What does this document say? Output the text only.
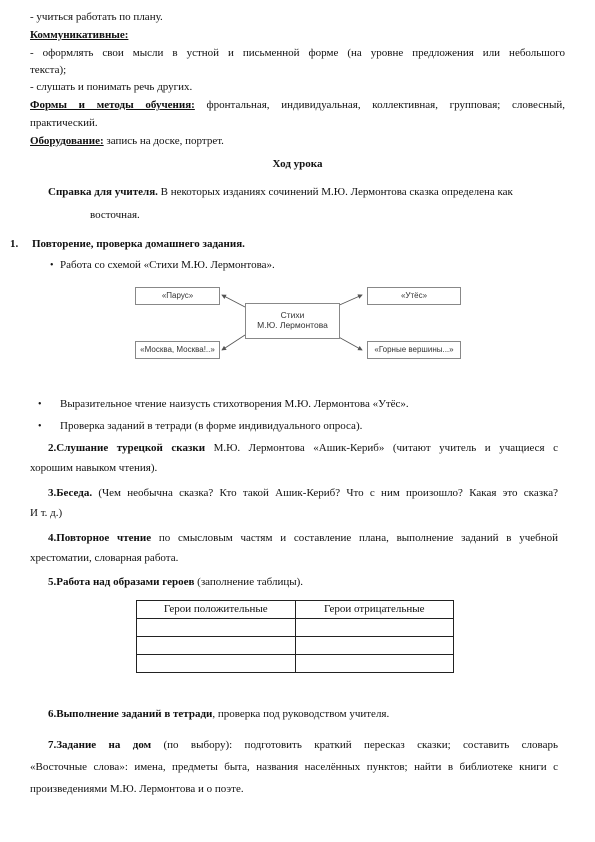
- учиться работать по плану.
Коммуникативные:
- оформлять свои мысли в устной и письменной форме (на уровне предложения или небольшого
текста);
- слушать и понимать речь других.
Формы и методы обучения: фронтальная, индивидуальная, коллективная, групповая; словесный,
практический.
Оборудование: запись на доске, портрет.
Ход урока
Справка для учителя. В некоторых изданиях сочинений М.Ю. Лермонтова сказка определена как
восточная.
1. Повторение, проверка домашнего задания.
• Работа со схемой «Стихи М.Ю. Лермонтова».
«Парус»	«Утёс»
Стихи
М.Ю. Лермонтова
«Москва, Москва!..»	«Горные вершины...»
• Выразительное чтение наизусть стихотворения М.Ю. Лермонтова «Утёс».
• Проверка заданий в тетради (в форме индивидуального опроса).
2.Слушание турецкой сказки М.Ю. Лермонтова «Ашик-Кериб» (читают учитель и учащиеся с
хорошим навыком чтения).
3.Беседа. (Чем необычна сказка? Кто такой Ашик-Кериб? Что с ним произошло? Какая это сказка?
И т. д.)
4.Повторное чтение по смысловым частям и составление плана, выполнение заданий в учебной
хрестоматии, словарная работа.
5.Работа над образами героев (заполнение таблицы).
Герои положительные	Герои отрицательные

6.Выполнение заданий в тетради, проверка под руководством учителя.
7.Задание на дом (по выбору): подготовить краткий пересказ сказки; составить словарь
«Восточные слова»: имена, предметы быта, названия населённых пунктов; найти в библиотеке книги с
произведениями М.Ю. Лермонтова и о поэте.
